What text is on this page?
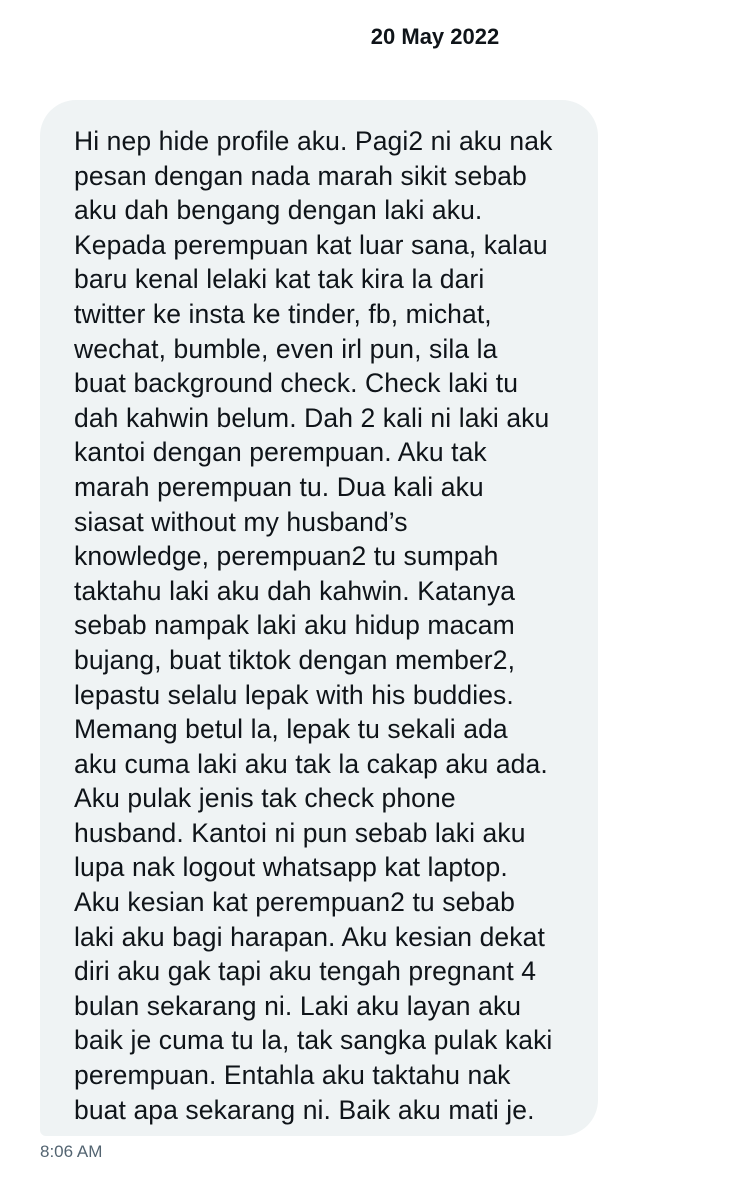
20 May 2022
Hi nep hide profile aku. Pagi2 ni aku nak
pesan dengan nada marah sikit sebab
aku dah bengang dengan laki aku.
Kepada perempuan kat luar sana, kalau
baru kenal lelaki kat tak kira la dari
twitter ke insta ke tinder, fb, michat,
wechat, bumble, even irl pun, sila la
buat background check. Check laki tu
dah kahwin belum. Dah 2 kali ni laki aku
kantoi dengan perempuan. Aku tak
marah perempuan tu. Dua kali aku
siasat without my husband’s
knowledge, perempuan2 tu sumpah
taktahu laki aku dah kahwin. Katanya
sebab nampak laki aku hidup macam
bujang, buat tiktok dengan member2,
lepastu selalu lepak with his buddies.
Memang betul la, lepak tu sekali ada
aku cuma laki aku tak la cakap aku ada.
Aku pulak jenis tak check phone
husband. Kantoi ni pun sebab laki aku
lupa nak logout whatsapp kat laptop.
Aku kesian kat perempuan2 tu sebab
laki aku bagi harapan. Aku kesian dekat
diri aku gak tapi aku tengah pregnant 4
bulan sekarang ni. Laki aku layan aku
baik je cuma tu la, tak sangka pulak kaki
perempuan. Entahla aku taktahu nak
buat apa sekarang ni. Baik aku mati je.
8:06 AM
